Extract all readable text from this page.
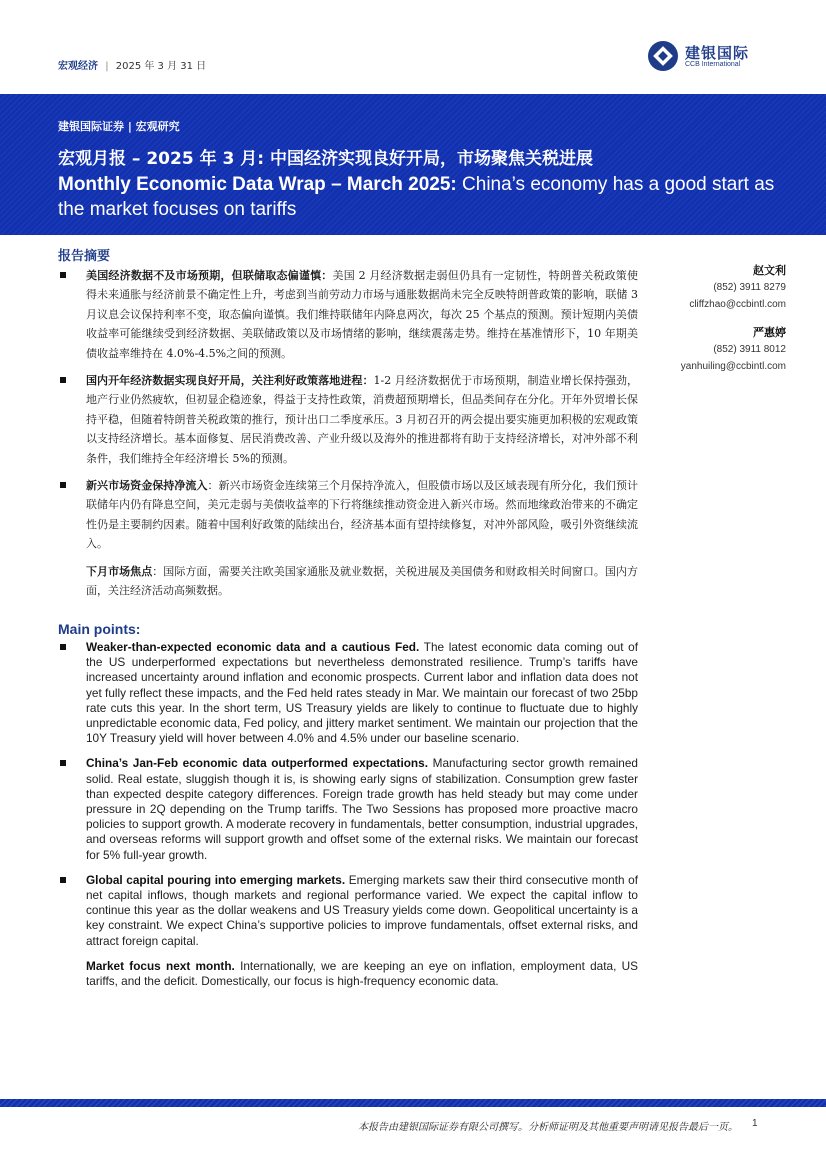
宏观经济 | 2025 年 3 月 31 日
建银国际
CCB International
建银国际证券 | 宏观研究
宏观月报 – 2025 年 3 月: 中国经济实现良好开局，市场聚焦关税进展
Monthly Economic Data Wrap – March 2025: China’s economy has a good start as the market focuses on tariffs
报告摘要
赵文利
(852) 3911 8279
cliffzhao@ccbintl.com
严惠婷
(852) 3911 8012
yanhuiling@ccbintl.com
美国经济数据不及市场预期，但联储取态偏谨慎：美国 2 月经济数据走弱但仍具有一定韧性，特朗普关税政策使得未来通胀与经济前景不确定性上升，考虑到当前劳动力市场与通胀数据尚未完全反映特朗普政策的影响，联储 3 月议息会议保持利率不变，取态偏向谨慎。我们维持联储年内降息两次，每次 25 个基点的预测。预计短期内美债收益率可能继续受到经济数据、美联储政策以及市场情绪的影响，继续震荡走势。维持在基准情形下，10 年期美债收益率维持在 4.0%-4.5%之间的预测。
国内开年经济数据实现良好开局，关注利好政策落地进程：1-2 月经济数据优于市场预期，制造业增长保持强劲，地产行业仍然疲软，但初显企稳迹象，得益于支持性政策，消费超预期增长，但品类间存在分化。开年外贸增长保持平稳，但随着特朗普关税政策的推行，预计出口二季度承压。3 月初召开的两会提出要实施更加积极的宏观政策以支持经济增长。基本面修复、居民消费改善、产业升级以及海外的推进都将有助于支持经济增长，对冲外部不利条件，我们维持全年经济增长 5%的预测。
新兴市场资金保持净流入：新兴市场资金连续第三个月保持净流入，但股债市场以及区域表现有所分化，我们预计联储年内仍有降息空间，美元走弱与美债收益率的下行将继续推动资金进入新兴市场。然而地缘政治带来的不确定性仍是主要制约因素。随着中国利好政策的陆续出台，经济基本面有望持续修复，对冲外部风险，吸引外资继续流入。
下月市场焦点：国际方面，需要关注欧美国家通胀及就业数据，关税进展及美国债务和财政相关时间窗口。国内方面，关注经济活动高频数据。
Main points:
Weaker-than-expected economic data and a cautious Fed. The latest economic data coming out of the US underperformed expectations but nevertheless demonstrated resilience. Trump’s tariffs have increased uncertainty around inflation and economic prospects. Current labor and inflation data does not yet fully reflect these impacts, and the Fed held rates steady in Mar. We maintain our forecast of two 25bp rate cuts this year. In the short term, US Treasury yields are likely to continue to fluctuate due to highly unpredictable economic data, Fed policy, and jittery market sentiment. We maintain our projection that the 10Y Treasury yield will hover between 4.0% and 4.5% under our baseline scenario.
China’s Jan-Feb economic data outperformed expectations. Manufacturing sector growth remained solid. Real estate, sluggish though it is, is showing early signs of stabilization. Consumption grew faster than expected despite category differences. Foreign trade growth has held steady but may come under pressure in 2Q depending on the Trump tariffs. The Two Sessions has proposed more proactive macro policies to support growth. A moderate recovery in fundamentals, better consumption, industrial upgrades, and overseas reforms will support growth and offset some of the external risks. We maintain our forecast for 5% full-year growth.
Global capital pouring into emerging markets. Emerging markets saw their third consecutive month of net capital inflows, though markets and regional performance varied. We expect the capital inflow to continue this year as the dollar weakens and US Treasury yields come down. Geopolitical uncertainty is a key constraint. We expect China’s supportive policies to improve fundamentals, offset external risks, and attract foreign capital.
Market focus next month. Internationally, we are keeping an eye on inflation, employment data, US tariffs, and the deficit. Domestically, our focus is high-frequency economic data.
本报告由建银国际证券有限公司撰写。分析师证明及其他重要声明请见报告最后一页。 1
